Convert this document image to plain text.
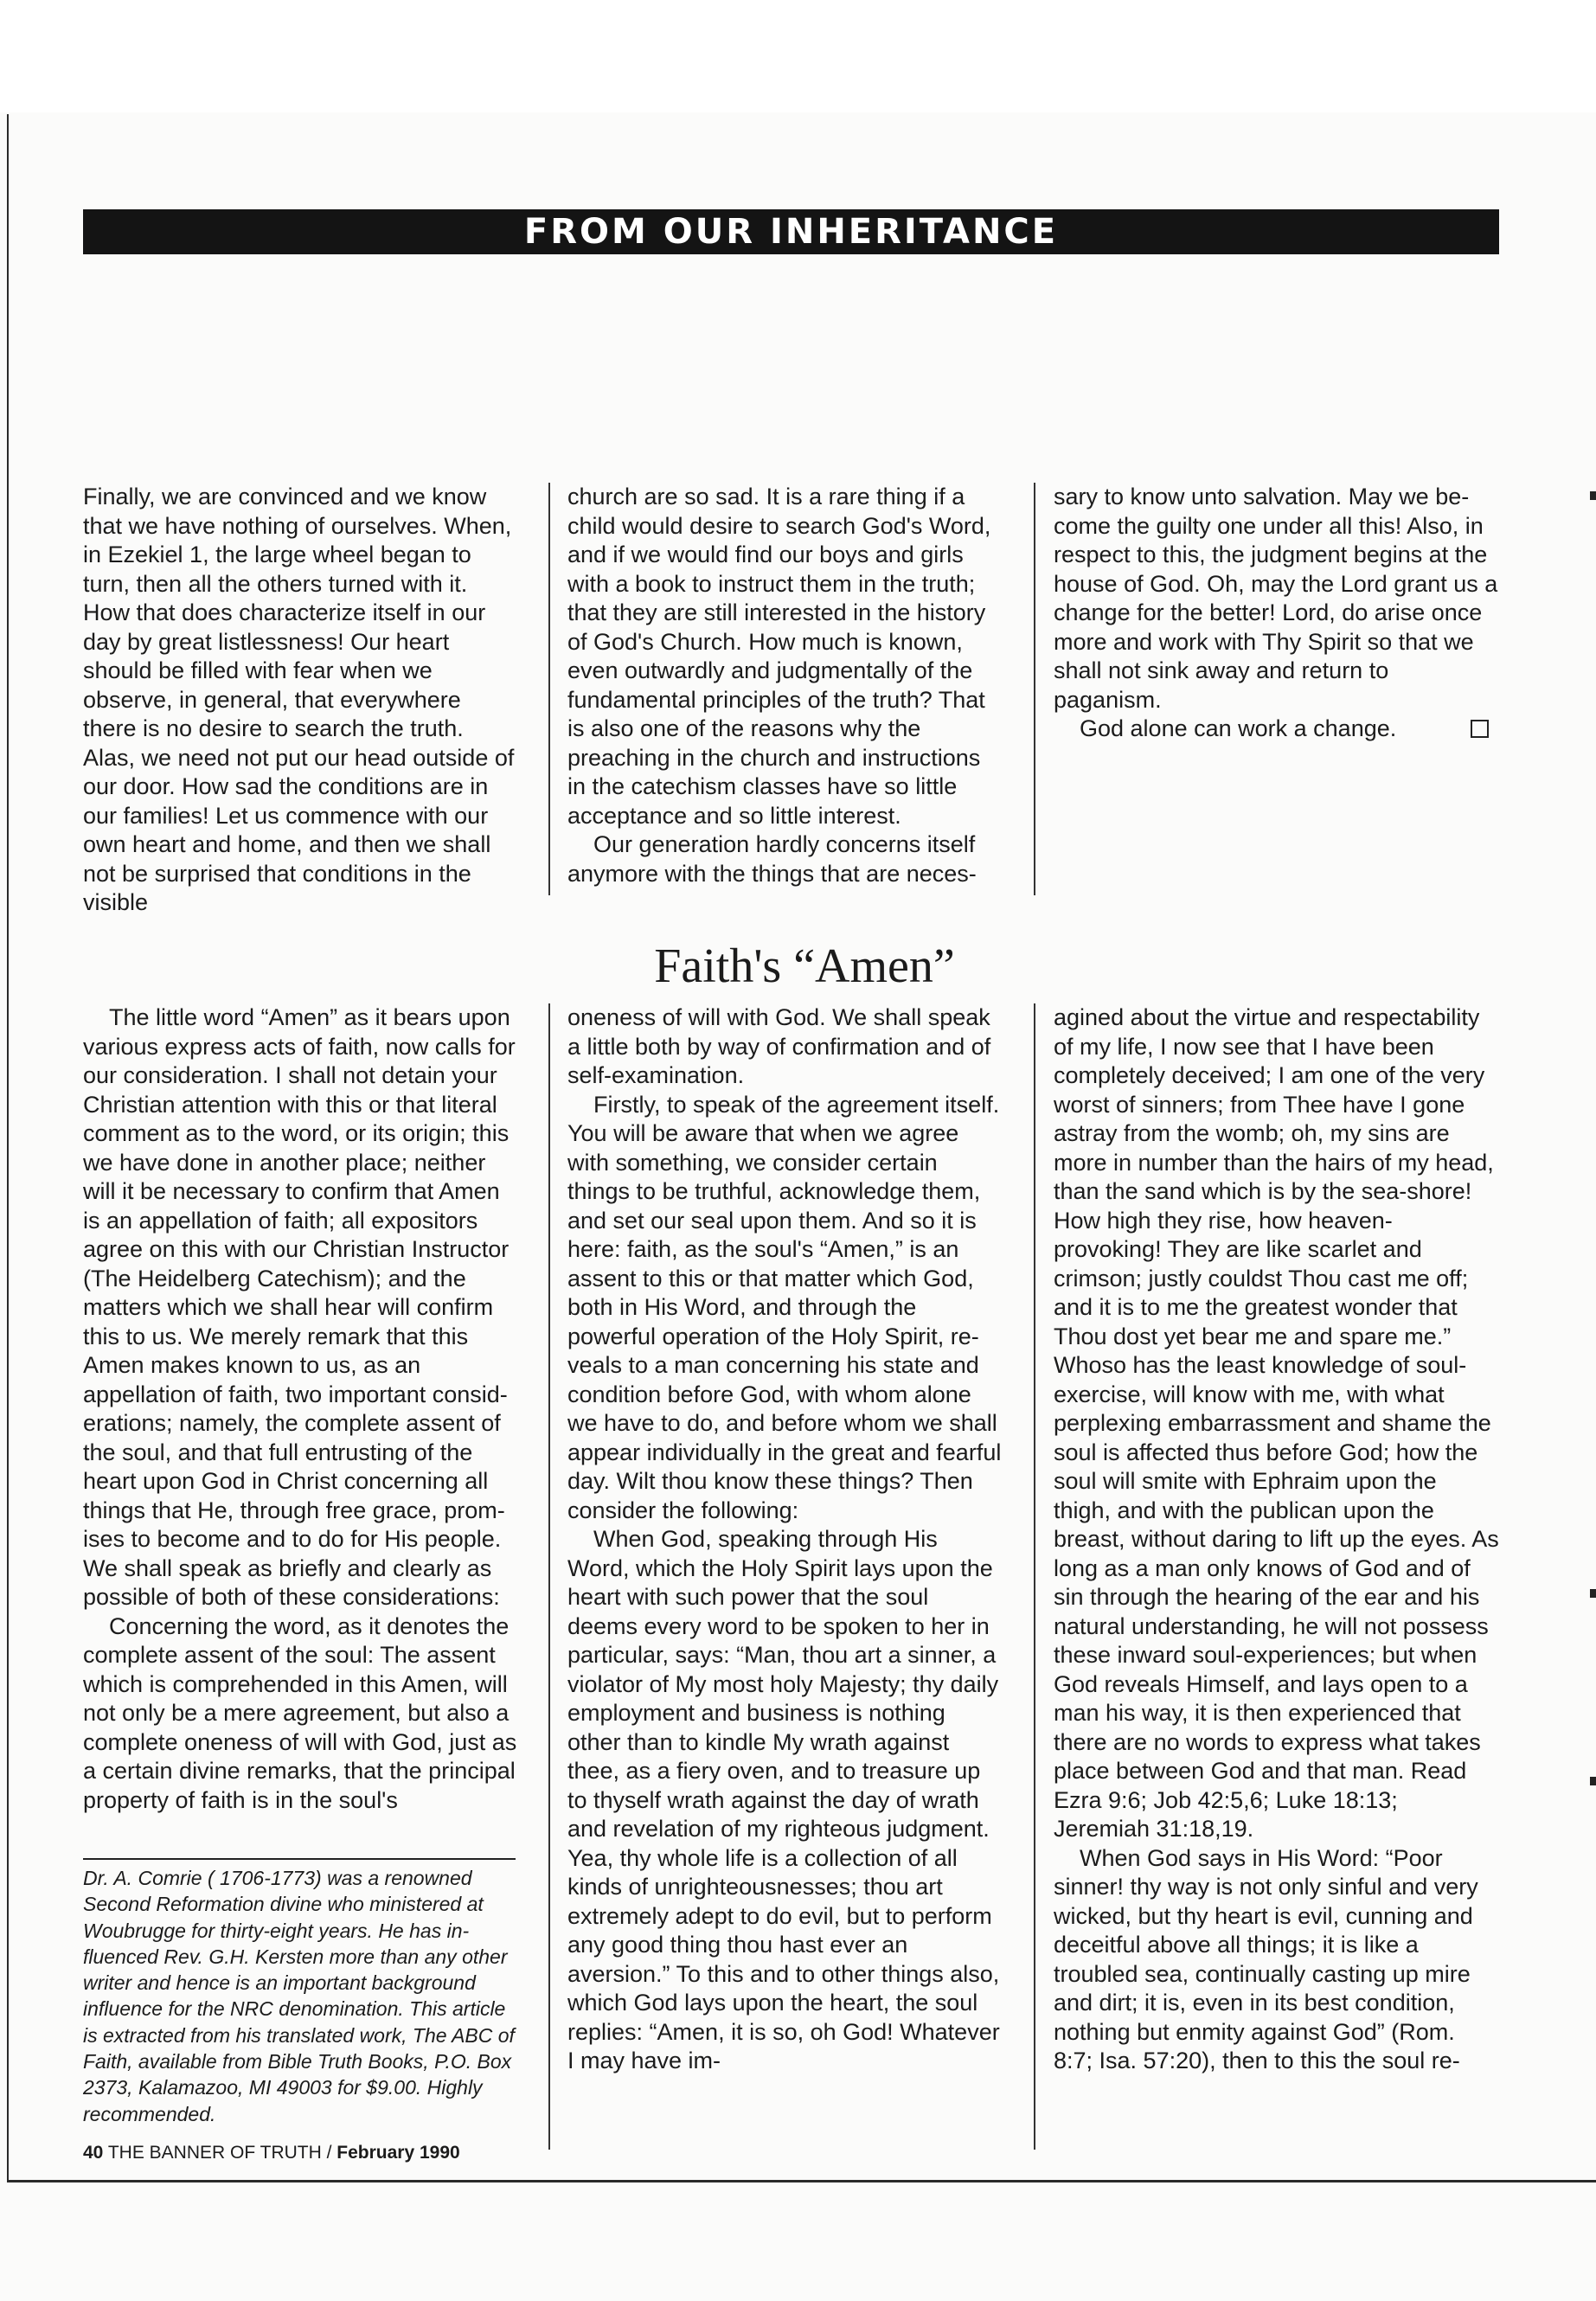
FROM OUR INHERITANCE

Finally, we are convinced and we know that we have nothing of ourselves. When, in Ezekiel 1, the large wheel began to turn, then all the others turned with it. How that does characterize itself in our day by great listlessness! Our heart should be filled with fear when we observe, in general, that everywhere there is no desire to search the truth. Alas, we need not put our head outside of our door. How sad the conditions are in our families! Let us commence with our own heart and home, and then we shall not be surprised that conditions in the visible

church are so sad. It is a rare thing if a child would desire to search God's Word, and if we would find our boys and girls with a book to instruct them in the truth; that they are still interested in the history of God's Church. How much is known, even outwardly and judgmentally of the fundamental principles of the truth? That is also one of the reasons why the preaching in the church and instructions in the catechism classes have so little acceptance and so little interest.

Our generation hardly concerns itself anymore with the things that are neces-

sary to know unto salvation. May we become the guilty one under all this! Also, in respect to this, the judgment begins at the house of God. Oh, may the Lord grant us a change for the better! Lord, do arise once more and work with Thy Spirit so that we shall not sink away and return to paganism.

God alone can work a change.
Faith's “Amen”

The little word “Amen” as it bears upon various express acts of faith, now calls for our consideration. I shall not detain your Christian attention with this or that literal comment as to the word, or its origin; this we have done in another place; neither will it be necessary to confirm that Amen is an appellation of faith; all expositors agree on this with our Christian Instructor (The Heidelberg Catechism); and the matters which we shall hear will confirm this to us. We merely remark that this Amen makes known to us, as an appellation of faith, two important considerations; namely, the complete assent of the soul, and that full entrusting of the heart upon God in Christ concerning all things that He, through free grace, promises to become and to do for His people. We shall speak as briefly and clearly as possible of both of these considerations:

Concerning the word, as it denotes the complete assent of the soul: The assent which is comprehended in this Amen, will not only be a mere agreement, but also a complete oneness of will with God, just as a certain divine remarks, that the principal property of faith is in the soul's

Dr. A. Comrie ( 1706-1773) was a renowned Second Reformation divine who ministered at Woubrugge for thirty-eight years. He has influenced Rev. G.H. Kersten more than any other writer and hence is an important background influence for the NRC denomination. This article is extracted from his translated work, The ABC of Faith, available from Bible Truth Books, P.O. Box 2373, Kalamazoo, MI 49003 for $9.00. Highly recommended.

40 THE BANNER OF TRUTH / February 1990

oneness of will with God. We shall speak a little both by way of confirmation and of self-examination.

Firstly, to speak of the agreement itself. You will be aware that when we agree with something, we consider certain things to be truthful, acknowledge them, and set our seal upon them. And so it is here: faith, as the soul's “Amen,” is an assent to this or that matter which God, both in His Word, and through the powerful operation of the Holy Spirit, reveals to a man concerning his state and condition before God, with whom alone we have to do, and before whom we shall appear individually in the great and fearful day. Wilt thou know these things? Then consider the following:

When God, speaking through His Word, which the Holy Spirit lays upon the heart with such power that the soul deems every word to be spoken to her in particular, says: “Man, thou art a sinner, a violator of My most holy Majesty; thy daily employment and business is nothing other than to kindle My wrath against thee, as a fiery oven, and to treasure up to thyself wrath against the day of wrath and revelation of my righteous judgment. Yea, thy whole life is a collection of all kinds of unrighteousnesses; thou art extremely adept to do evil, but to perform any good thing thou hast ever an aversion.” To this and to other things also, which God lays upon the heart, the soul replies: “Amen, it is so, oh God! Whatever I may have im-

agined about the virtue and respectability of my life, I now see that I have been completely deceived; I am one of the very worst of sinners; from Thee have I gone astray from the womb; oh, my sins are more in number than the hairs of my head, than the sand which is by the sea-shore! How high they rise, how heaven-provoking! They are like scarlet and crimson; justly couldst Thou cast me off; and it is to me the greatest wonder that Thou dost yet bear me and spare me.” Whoso has the least knowledge of soul-exercise, will know with me, with what perplexing embarrassment and shame the soul is affected thus before God; how the soul will smite with Ephraim upon the thigh, and with the publican upon the breast, without daring to lift up the eyes. As long as a man only knows of God and of sin through the hearing of the ear and his natural understanding, he will not possess these inward soul-experiences; but when God reveals Himself, and lays open to a man his way, it is then experienced that there are no words to express what takes place between God and that man. Read Ezra 9:6; Job 42:5,6; Luke 18:13; Jeremiah 31:18,19.

When God says in His Word: “Poor sinner! thy way is not only sinful and very wicked, but thy heart is evil, cunning and deceitful above all things; it is like a troubled sea, continually casting up mire and dirt; it is, even in its best condition, nothing but enmity against God” (Rom. 8:7; Isa. 57:20), then to this the soul re-
